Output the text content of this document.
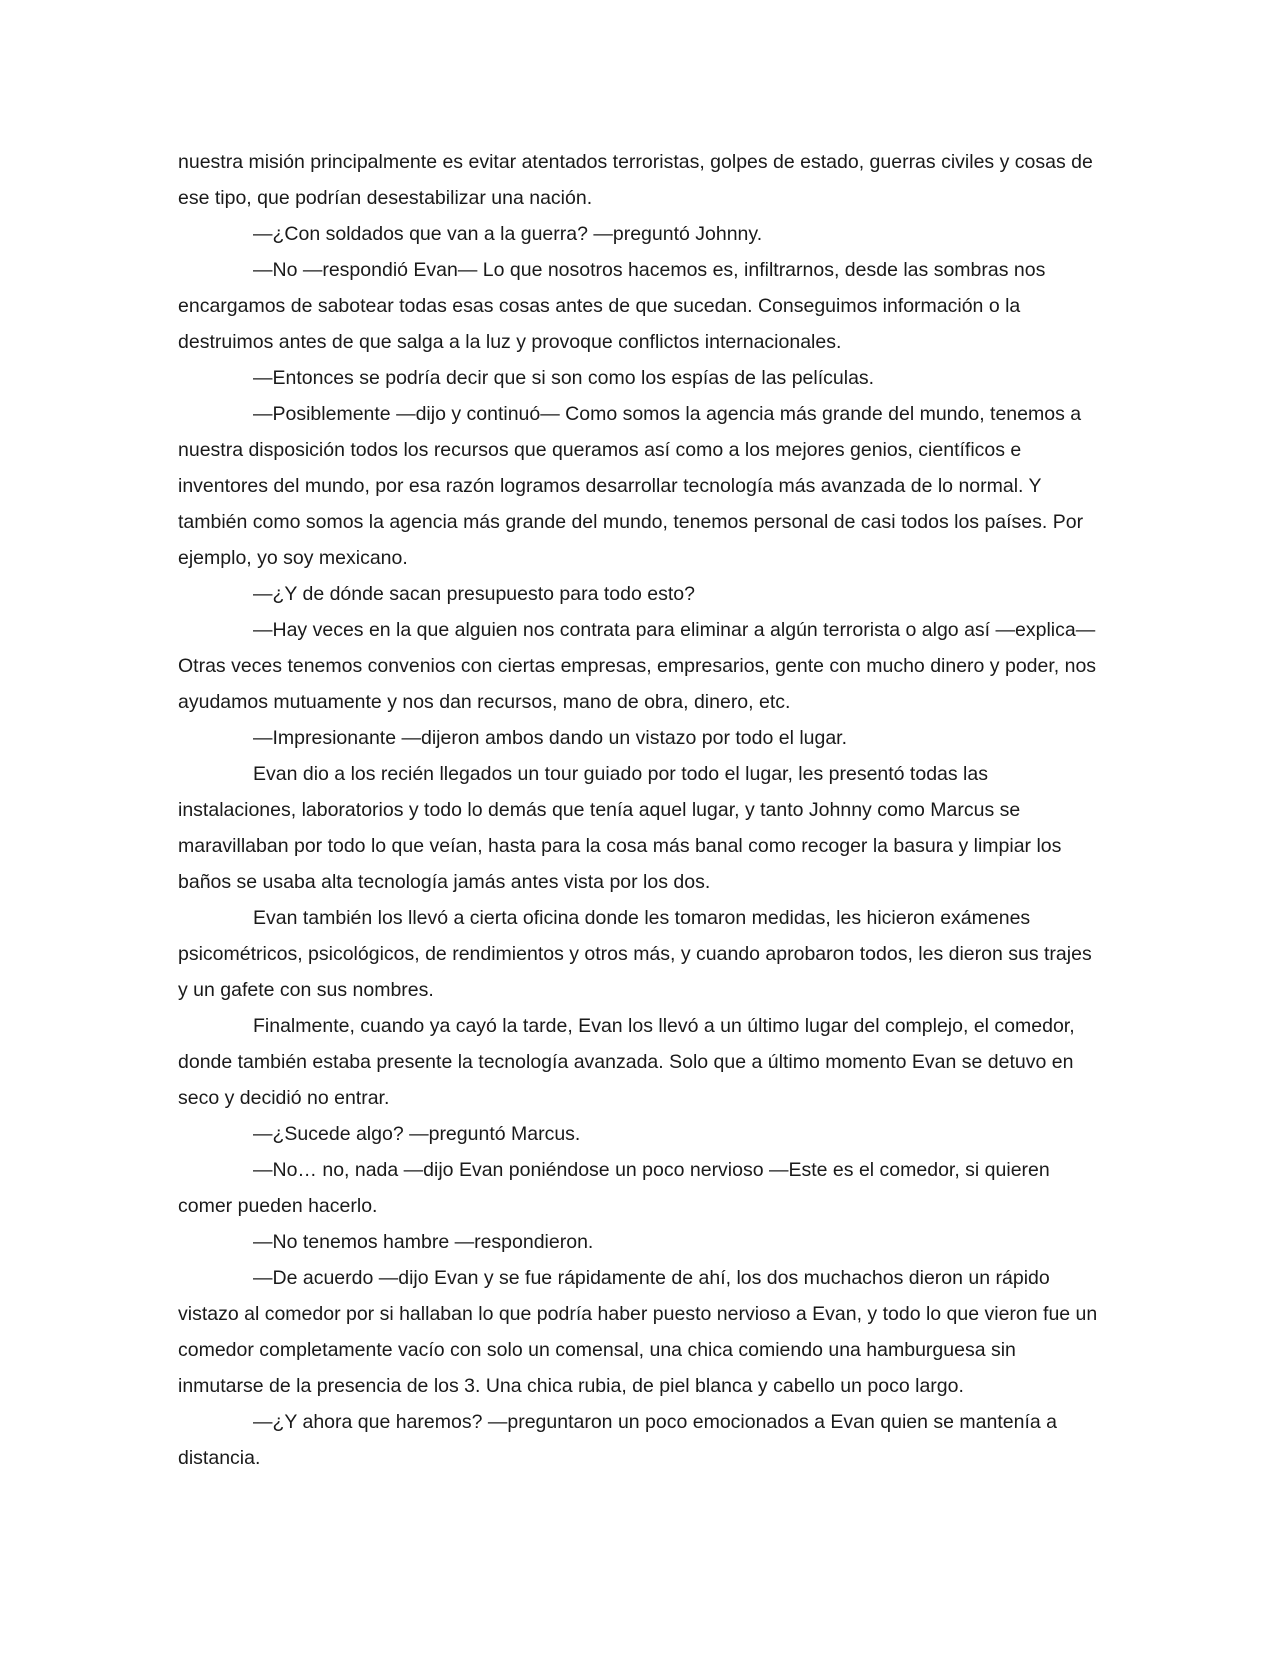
nuestra misión principalmente es evitar atentados terroristas, golpes de estado, guerras civiles y cosas de ese tipo, que podrían desestabilizar una nación.

―¿Con soldados que van a la guerra? ―preguntó Johnny.

―No ―respondió Evan― Lo que nosotros hacemos es, infiltrarnos, desde las sombras nos encargamos de sabotear todas esas cosas antes de que sucedan. Conseguimos información o la destruimos antes de que salga a la luz y provoque conflictos internacionales.

―Entonces se podría decir que si son como los espías de las películas.

―Posiblemente ―dijo y continuó― Como somos la agencia más grande del mundo, tenemos a nuestra disposición todos los recursos que queramos así como a los mejores genios, científicos e inventores del mundo, por esa razón logramos desarrollar tecnología más avanzada de lo normal. Y también como somos la agencia más grande del mundo, tenemos personal de casi todos los países. Por ejemplo, yo soy mexicano.

―¿Y de dónde sacan presupuesto para todo esto?

―Hay veces en la que alguien nos contrata para eliminar a algún terrorista o algo así ―explica― Otras veces tenemos convenios con ciertas empresas, empresarios, gente con mucho dinero y poder, nos ayudamos mutuamente y nos dan recursos, mano de obra, dinero, etc.

―Impresionante ―dijeron ambos dando un vistazo por todo el lugar.

Evan dio a los recién llegados un tour guiado por todo el lugar, les presentó todas las instalaciones, laboratorios y todo lo demás que tenía aquel lugar, y tanto Johnny como Marcus se maravillaban por todo lo que veían, hasta para la cosa más banal como recoger la basura y limpiar los baños se usaba alta tecnología jamás antes vista por los dos.

Evan también los llevó a cierta oficina donde les tomaron medidas, les hicieron exámenes psicométricos, psicológicos, de rendimientos y otros más, y cuando aprobaron todos, les dieron sus trajes y un gafete con sus nombres.

Finalmente, cuando ya cayó la tarde, Evan los llevó a un último lugar del complejo, el comedor, donde también estaba presente la tecnología avanzada. Solo que a último momento Evan se detuvo en seco y decidió no entrar.

―¿Sucede algo? ―preguntó Marcus.

―No… no, nada ―dijo Evan poniéndose un poco nervioso ―Este es el comedor, si quieren comer pueden hacerlo.

―No tenemos hambre ―respondieron.

―De acuerdo ―dijo Evan y se fue rápidamente de ahí, los dos muchachos dieron un rápido vistazo al comedor por si hallaban lo que podría haber puesto nervioso a Evan, y todo lo que vieron fue un comedor completamente vacío con solo un comensal, una chica comiendo una hamburguesa sin inmutarse de la presencia de los 3. Una chica rubia, de piel blanca y cabello un poco largo.

―¿Y ahora que haremos? ―preguntaron un poco emocionados a Evan quien se mantenía a distancia.
